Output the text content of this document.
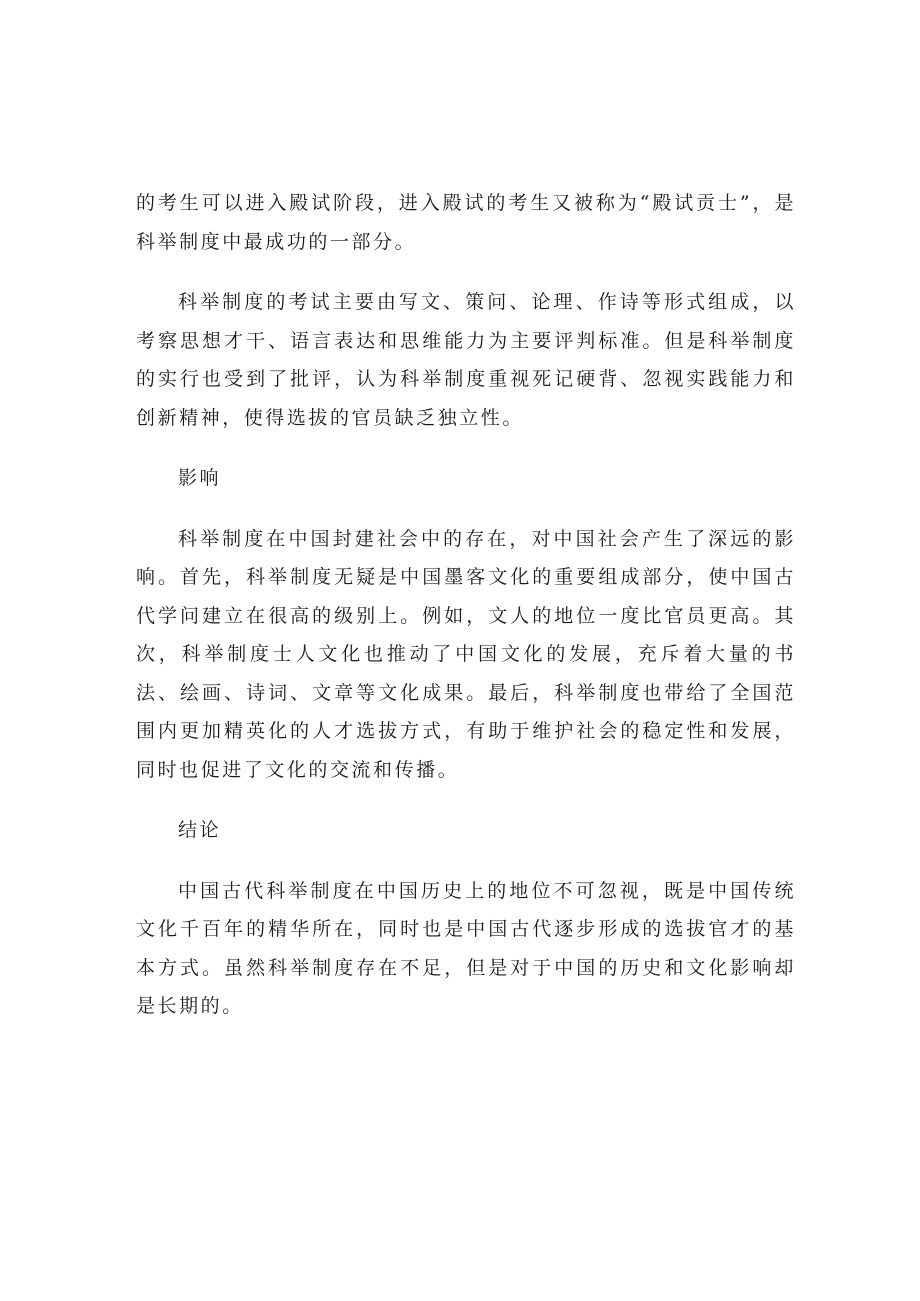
的考生可以进入殿试阶段，进入殿试的考生又被称为“殿试贡士”，是科举制度中最成功的一部分。

科举制度的考试主要由写文、策问、论理、作诗等形式组成，以考察思想才干、语言表达和思维能力为主要评判标准。但是科举制度的实行也受到了批评，认为科举制度重视死记硬背、忽视实践能力和创新精神，使得选拔的官员缺乏独立性。

影响

科举制度在中国封建社会中的存在，对中国社会产生了深远的影响。首先，科举制度无疑是中国墨客文化的重要组成部分，使中国古代学问建立在很高的级别上。例如，文人的地位一度比官员更高。其次，科举制度士人文化也推动了中国文化的发展，充斥着大量的书法、绘画、诗词、文章等文化成果。最后，科举制度也带给了全国范围内更加精英化的人才选拔方式，有助于维护社会的稳定性和发展，同时也促进了文化的交流和传播。

结论

中国古代科举制度在中国历史上的地位不可忽视，既是中国传统文化千百年的精华所在，同时也是中国古代逐步形成的选拔官才的基本方式。虽然科举制度存在不足，但是对于中国的历史和文化影响却是长期的。
